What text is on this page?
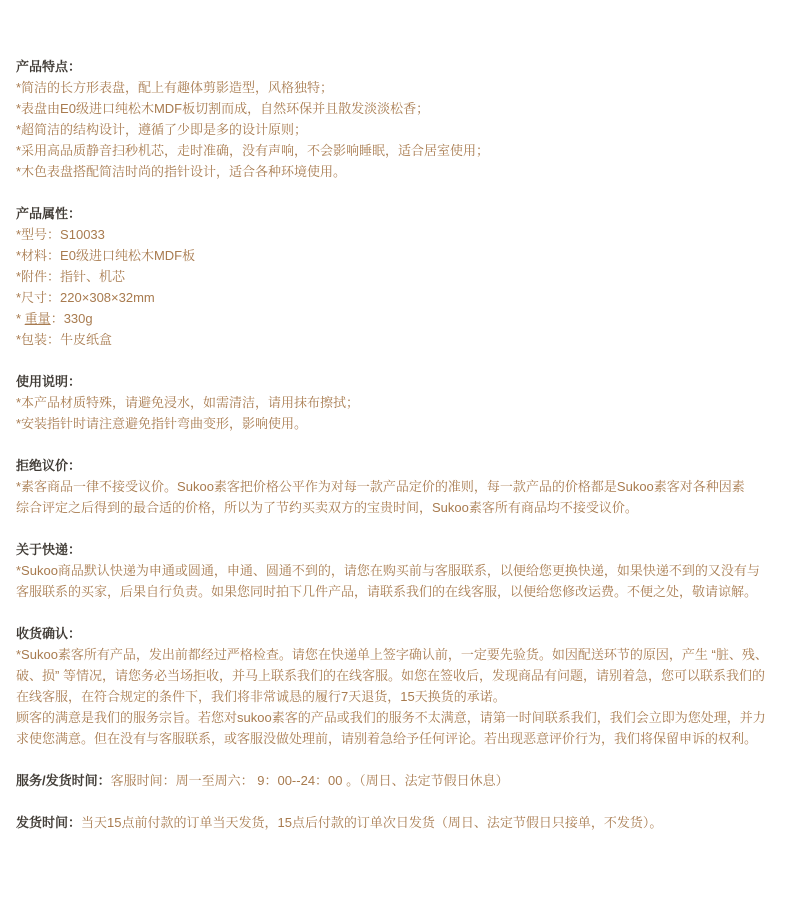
产品特点：
*简洁的长方形表盘，配上有趣体剪影造型，风格独特；
*表盘由E0级进口纯松木MDF板切割而成，自然环保并且散发淡淡松香；
*超简洁的结构设计，遵循了少即是多的设计原则；
*采用高品质静音扫秒机芯，走时准确，没有声响，不会影响睡眠，适合居室使用；
*木色表盘搭配简洁时尚的指针设计，适合各种环境使用。
产品属性：
*型号：S10033
*材料：E0级进口纯松木MDF板
*附件：指针、机芯
*尺寸：220×308×32mm
* 重量：330g
*包装：牛皮纸盒
使用说明：
*本产品材质特殊，请避免浸水，如需清洁，请用抹布擦拭；
*安装指针时请注意避免指针弯曲变形，影响使用。
拒绝议价：
*素客商品一律不接受议价。Sukoo素客把价格公平作为对每一款产品定价的准则，每一款产品的价格都是Sukoo素客对各种因素
综合评定之后得到的最合适的价格，所以为了节约买卖双方的宝贵时间，Sukoo素客所有商品均不接受议价。
关于快递：
*Sukoo商品默认快递为申通或圆通，申通、圆通不到的，请您在购买前与客服联系，以便给您更换快递，如果快递不到的又没有与
客服联系的买家，后果自行负责。如果您同时拍下几件产品，请联系我们的在线客服，以便给您修改运费。不便之处，敬请谅解。
收货确认：
*Sukoo素客所有产品，发出前都经过严格检查。请您在快递单上签字确认前，一定要先验货。如因配送环节的原因，产生 “脏、残、
破、损” 等情况，请您务必当场拒收，并马上联系我们的在线客服。如您在签收后，发现商品有问题，请别着急，您可以联系我们的
在线客服，在符合规定的条件下，我们将非常诚恳的履行7天退货，15天换货的承诺。
顾客的满意是我们的服务宗旨。若您对sukoo素客的产品或我们的服务不太满意，请第一时间联系我们，我们会立即为您处理，并力
求使您满意。但在没有与客服联系，或客服没做处理前，请别着急给予任何评论。若出现恶意评价行为，我们将保留申诉的权利。
服务/发货时间：客服时间：周一至周六： 9：00--24：00 。（周日、法定节假日休息）
发货时间：当天15点前付款的订单当天发货，15点后付款的订单次日发货（周日、法定节假日只接单，不发货）。
